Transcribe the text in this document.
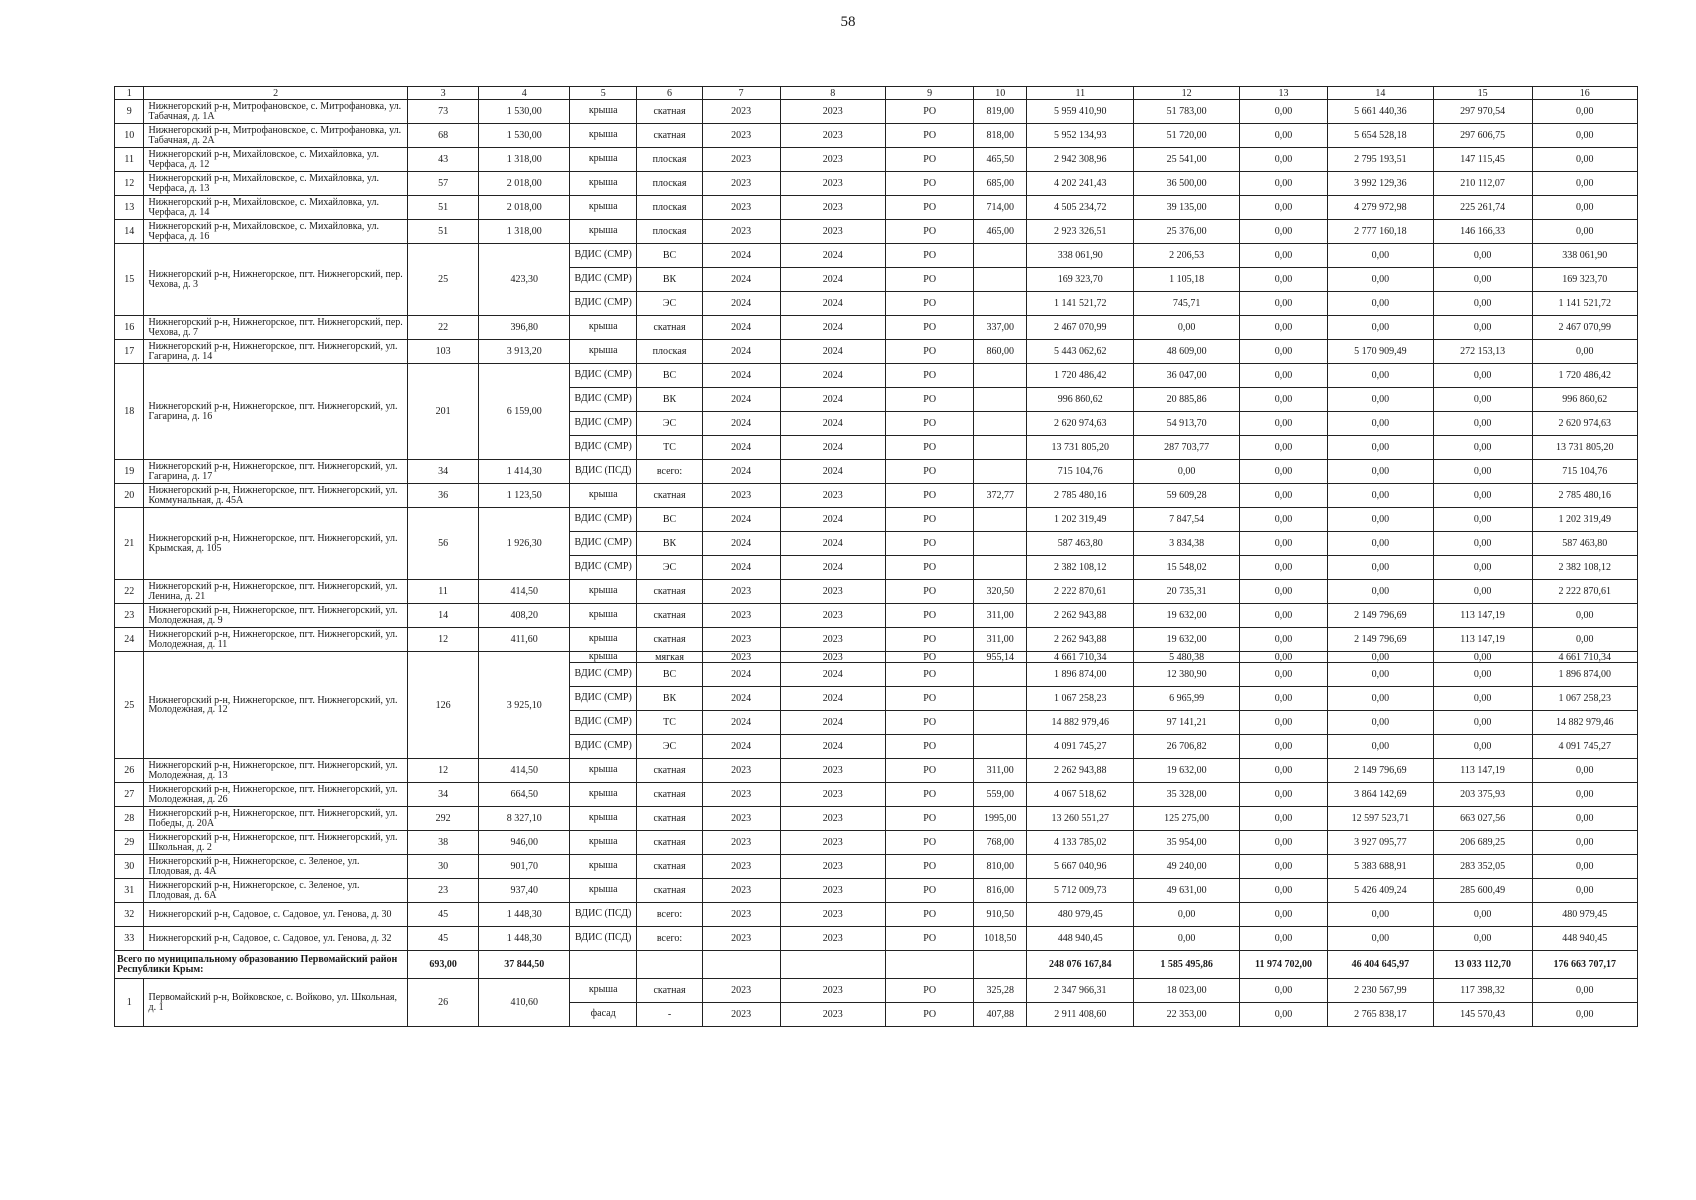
58
1	2	3	4	5	6	7	8	9	10	11	12	13	14	15	16
9	Нижнегорский р-н, Митрофановское, с. Митрофановка, ул. Табачная, д. 1А	73	1 530,00	крыша	скатная	2023	2023	РО	819,00	5 959 410,90	51 783,00	0,00	5 661 440,36	297 970,54	0,00
10	Нижнегорский р-н, Митрофановское, с. Митрофановка, ул. Табачная, д. 2А	68	1 530,00	крыша	скатная	2023	2023	РО	818,00	5 952 134,93	51 720,00	0,00	5 654 528,18	297 606,75	0,00
11	Нижнегорский р-н, Михайловское, с. Михайловка, ул. Черфаса, д. 12	43	1 318,00	крыша	плоская	2023	2023	РО	465,50	2 942 308,96	25 541,00	0,00	2 795 193,51	147 115,45	0,00
12	Нижнегорский р-н, Михайловское, с. Михайловка, ул. Черфаса, д. 13	57	2 018,00	крыша	плоская	2023	2023	РО	685,00	4 202 241,43	36 500,00	0,00	3 992 129,36	210 112,07	0,00
13	Нижнегорский р-н, Михайловское, с. Михайловка, ул. Черфаса, д. 14	51	2 018,00	крыша	плоская	2023	2023	РО	714,00	4 505 234,72	39 135,00	0,00	4 279 972,98	225 261,74	0,00
14	Нижнегорский р-н, Михайловское, с. Михайловка, ул. Черфаса, д. 16	51	1 318,00	крыша	плоская	2023	2023	РО	465,00	2 923 326,51	25 376,00	0,00	2 777 160,18	146 166,33	0,00
15	Нижнегорский р-н, Нижнегорское, пгт. Нижнегорский, пер. Чехова, д. 3	25	423,30	ВДИС (СМР)	ВС	2024	2024	РО		338 061,90	2 206,53	0,00	0,00	0,00	338 061,90
				ВДИС (СМР)	ВК	2024	2024	РО		169 323,70	1 105,18	0,00	0,00	0,00	169 323,70
				ВДИС (СМР)	ЭС	2024	2024	РО		1 141 521,72	745,71	0,00	0,00	0,00	1 141 521,72
16	Нижнегорский р-н, Нижнегорское, пгт. Нижнегорский, пер. Чехова, д. 7	22	396,80	крыша	скатная	2024	2024	РО	337,00	2 467 070,99	0,00	0,00	0,00	0,00	2 467 070,99
17	Нижнегорский р-н, Нижнегорское, пгт. Нижнегорский, ул. Гагарина, д. 14	103	3 913,20	крыша	плоская	2024	2024	РО	860,00	5 443 062,62	48 609,00	0,00	5 170 909,49	272 153,13	0,00
18	Нижнегорский р-н, Нижнегорское, пгт. Нижнегорский, ул. Гагарина, д. 16	201	6 159,00	ВДИС (СМР)	ВС	2024	2024	РО		1 720 486,42	36 047,00	0,00	0,00	0,00	1 720 486,42
				ВДИС (СМР)	ВК	2024	2024	РО		996 860,62	20 885,86	0,00	0,00	0,00	996 860,62
				ВДИС (СМР)	ЭС	2024	2024	РО		2 620 974,63	54 913,70	0,00	0,00	0,00	2 620 974,63
				ВДИС (СМР)	ТС	2024	2024	РО		13 731 805,20	287 703,77	0,00	0,00	0,00	13 731 805,20
19	Нижнегорский р-н, Нижнегорское, пгт. Нижнегорский, ул. Гагарина, д. 17	34	1 414,30	ВДИС (ПСД)	всего:	2024	2024	РО		715 104,76	0,00	0,00	0,00	0,00	715 104,76
20	Нижнегорский р-н, Нижнегорское, пгт. Нижнегорский, ул. Коммунальная, д. 45А	36	1 123,50	крыша	скатная	2023	2023	РО	372,77	2 785 480,16	59 609,28	0,00	0,00	0,00	2 785 480,16
21	Нижнегорский р-н, Нижнегорское, пгт. Нижнегорский, ул. Крымская, д. 105	56	1 926,30	ВДИС (СМР)	ВС	2024	2024	РО		1 202 319,49	7 847,54	0,00	0,00	0,00	1 202 319,49
				ВДИС (СМР)	ВК	2024	2024	РО		587 463,80	3 834,38	0,00	0,00	0,00	587 463,80
				ВДИС (СМР)	ЭС	2024	2024	РО		2 382 108,12	15 548,02	0,00	0,00	0,00	2 382 108,12
22	Нижнегорский р-н, Нижнегорское, пгт. Нижнегорский, ул. Ленина, д. 21	11	414,50	крыша	скатная	2023	2023	РО	320,50	2 222 870,61	20 735,31	0,00	0,00	0,00	2 222 870,61
23	Нижнегорский р-н, Нижнегорское, пгт. Нижнегорский, ул. Молодежная, д. 9	14	408,20	крыша	скатная	2023	2023	РО	311,00	2 262 943,88	19 632,00	0,00	2 149 796,69	113 147,19	0,00
24	Нижнегорский р-н, Нижнегорское, пгт. Нижнегорский, ул. Молодежная, д. 11	12	411,60	крыша	скатная	2023	2023	РО	311,00	2 262 943,88	19 632,00	0,00	2 149 796,69	113 147,19	0,00
25	Нижнегорский р-н, Нижнегорское, пгт. Нижнегорский, ул. Молодежная, д. 12	126	3 925,10	крыша	мягкая	2023	2023	РО	955,14	4 661 710,34	5 480,38	0,00	0,00	0,00	4 661 710,34
				ВДИС (СМР)	ВС	2024	2024	РО		1 896 874,00	12 380,90	0,00	0,00	0,00	1 896 874,00
				ВДИС (СМР)	ВК	2024	2024	РО		1 067 258,23	6 965,99	0,00	0,00	0,00	1 067 258,23
				ВДИС (СМР)	ТС	2024	2024	РО		14 882 979,46	97 141,21	0,00	0,00	0,00	14 882 979,46
				ВДИС (СМР)	ЭС	2024	2024	РО		4 091 745,27	26 706,82	0,00	0,00	0,00	4 091 745,27
26	Нижнегорский р-н, Нижнегорское, пгт. Нижнегорский, ул. Молодежная, д. 13	12	414,50	крыша	скатная	2023	2023	РО	311,00	2 262 943,88	19 632,00	0,00	2 149 796,69	113 147,19	0,00
27	Нижнегорский р-н, Нижнегорское, пгт. Нижнегорский, ул. Молодежная, д. 26	34	664,50	крыша	скатная	2023	2023	РО	559,00	4 067 518,62	35 328,00	0,00	3 864 142,69	203 375,93	0,00
28	Нижнегорский р-н, Нижнегорское, пгт. Нижнегорский, ул. Победы, д. 20А	292	8 327,10	крыша	скатная	2023	2023	РО	1995,00	13 260 551,27	125 275,00	0,00	12 597 523,71	663 027,56	0,00
29	Нижнегорский р-н, Нижнегорское, пгт. Нижнегорский, ул. Школьная, д. 2	38	946,00	крыша	скатная	2023	2023	РО	768,00	4 133 785,02	35 954,00	0,00	3 927 095,77	206 689,25	0,00
30	Нижнегорский р-н, Нижнегорское, с. Зеленое, ул. Плодовая, д. 4А	30	901,70	крыша	скатная	2023	2023	РО	810,00	5 667 040,96	49 240,00	0,00	5 383 688,91	283 352,05	0,00
31	Нижнегорский р-н, Нижнегорское, с. Зеленое, ул. Плодовая, д. 6А	23	937,40	крыша	скатная	2023	2023	РО	816,00	5 712 009,73	49 631,00	0,00	5 426 409,24	285 600,49	0,00
32	Нижнегорский р-н, Садовое, с. Садовое, ул. Генова, д. 30	45	1 448,30	ВДИС (ПСД)	всего:	2023	2023	РО	910,50	480 979,45	0,00	0,00	0,00	0,00	480 979,45
33	Нижнегорский р-н, Садовое, с. Садовое, ул. Генова, д. 32	45	1 448,30	ВДИС (ПСД)	всего:	2023	2023	РО	1018,50	448 940,45	0,00	0,00	0,00	0,00	448 940,45
Всего по муниципальному образованию Первомайский район Республики Крым:		693,00	37 844,50							248 076 167,84	1 585 495,86	11 974 702,00	46 404 645,97	13 033 112,70	176 663 707,17
1	Первомайский р-н, Войковское, с. Войково, ул. Школьная, д. 1	26	410,60	крыша	скатная	2023	2023	РО	325,28	2 347 966,31	18 023,00	0,00	2 230 567,99	117 398,32	0,00
				фасад	-	2023	2023	РО	407,88	2 911 408,60	22 353,00	0,00	2 765 838,17	145 570,43	0,00
